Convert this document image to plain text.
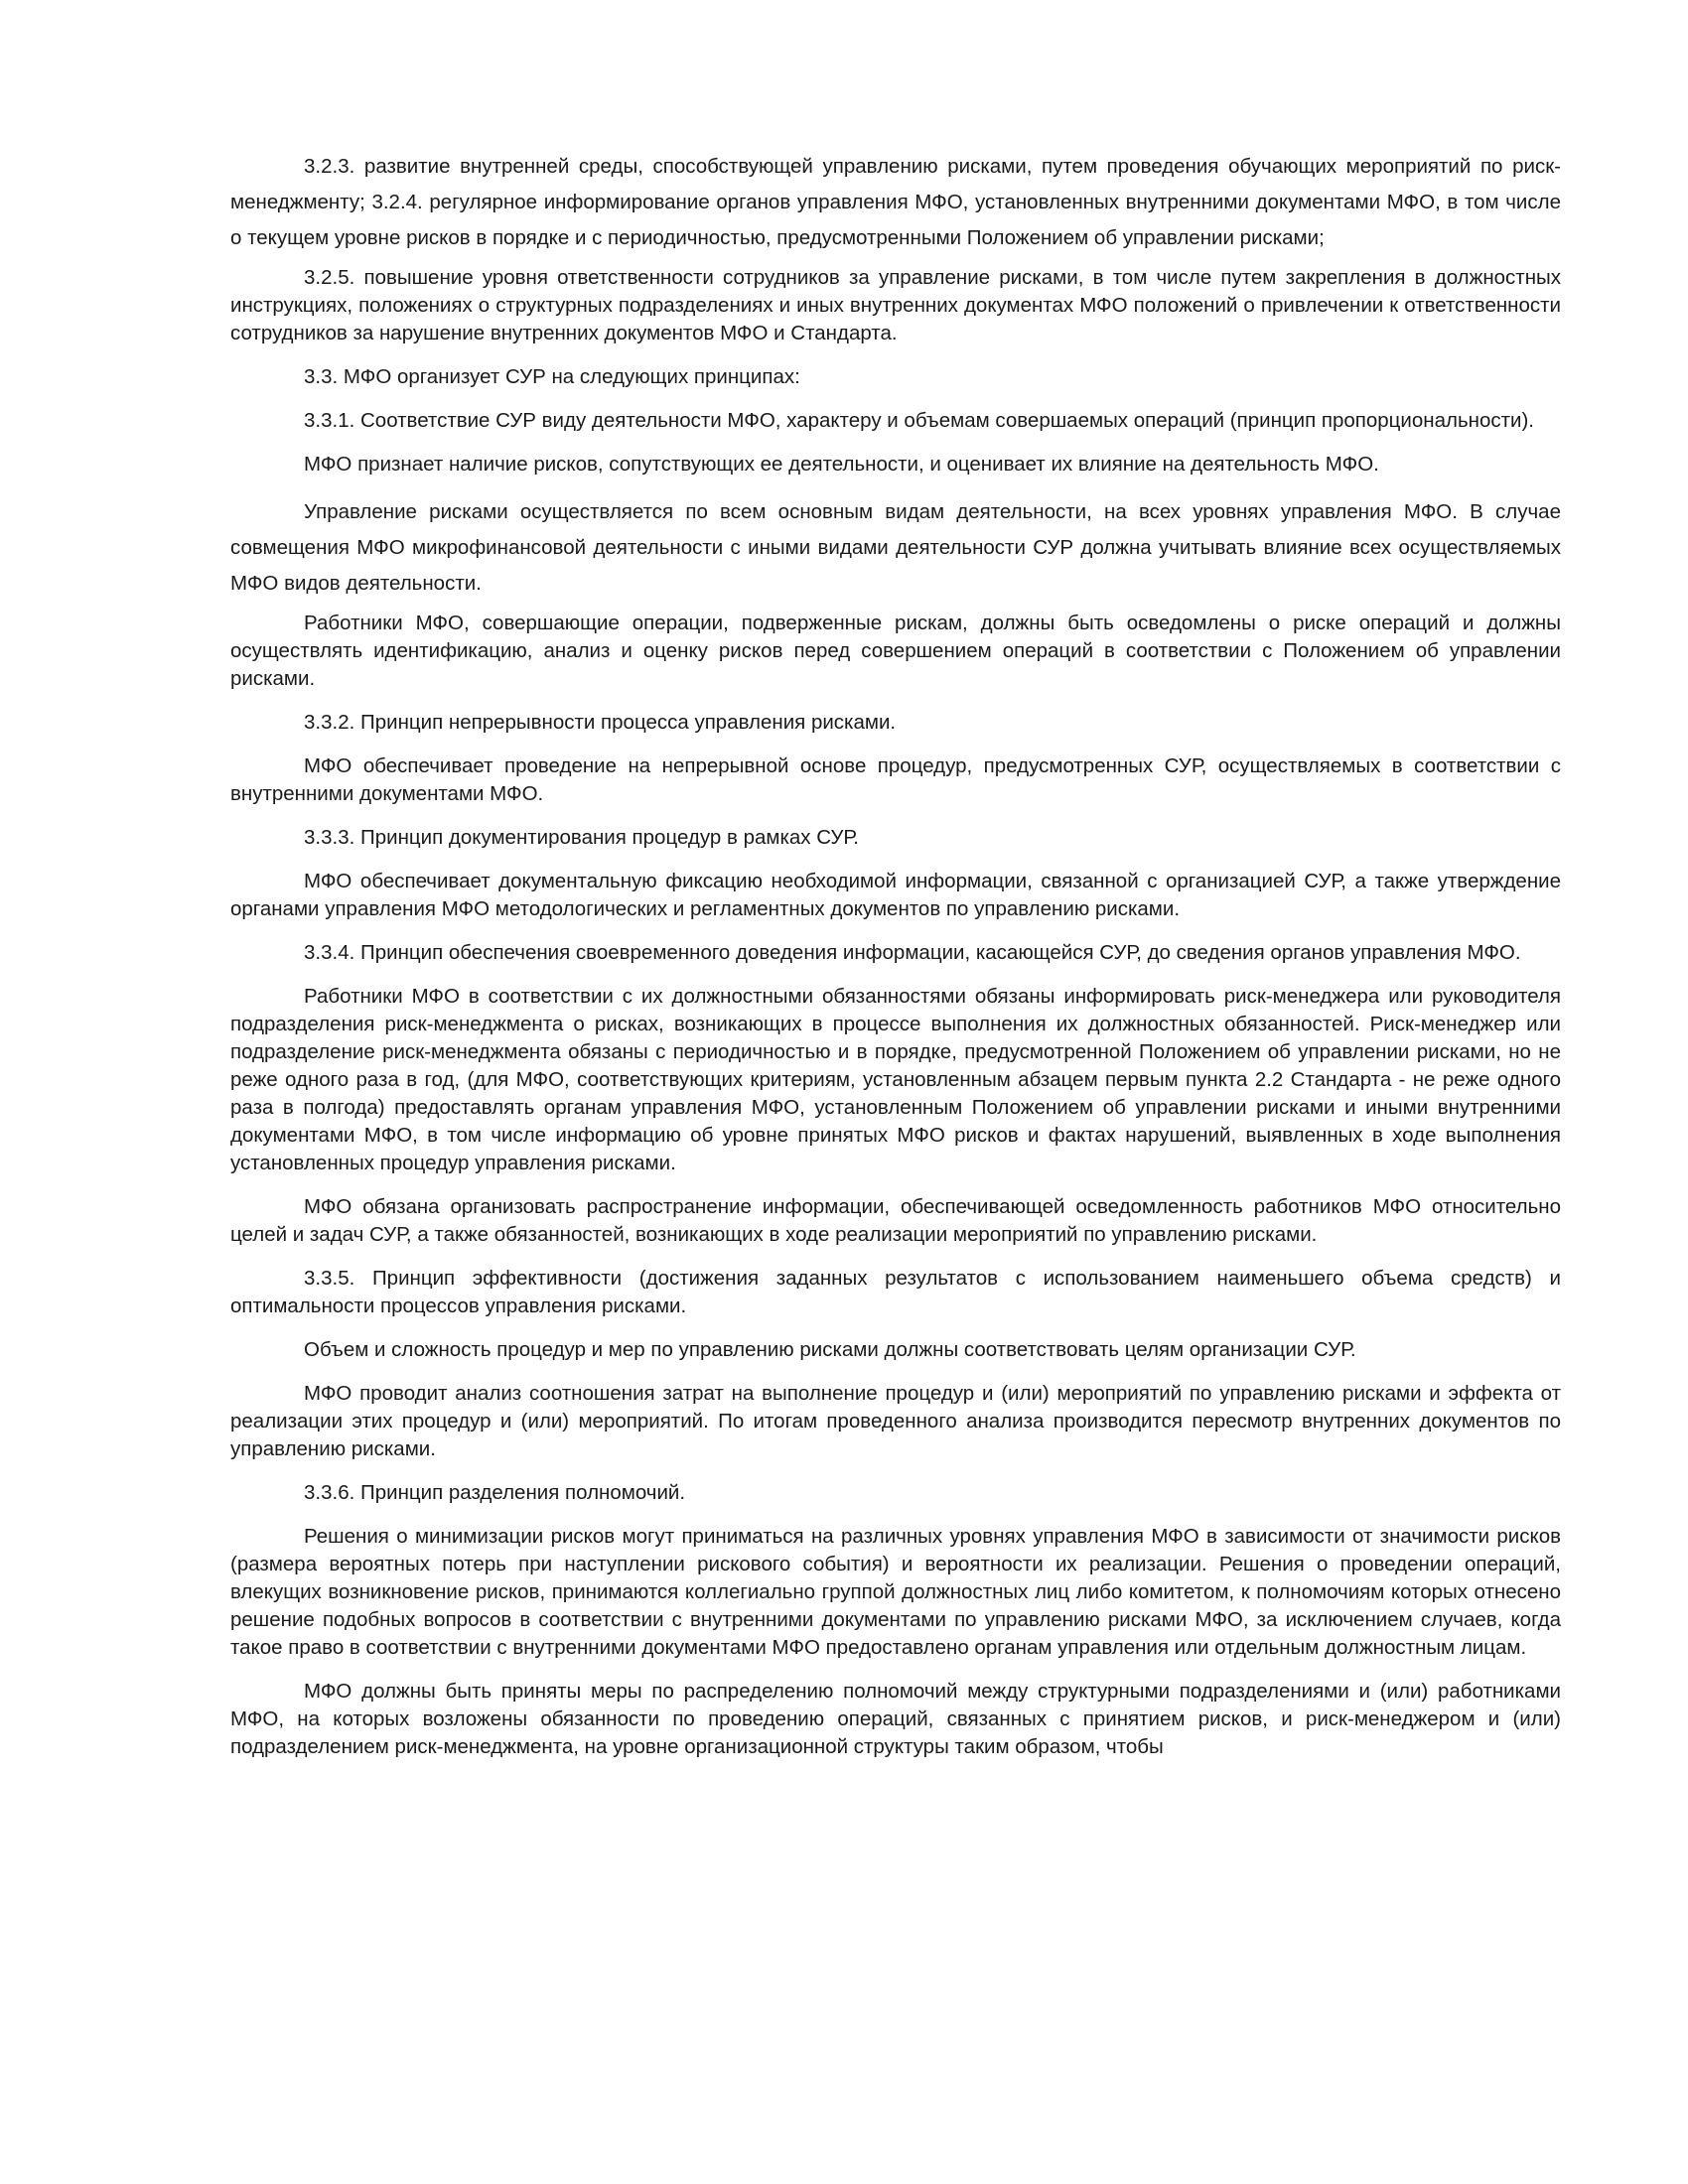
3.2.3. развитие внутренней среды, способствующей управлению рисками, путем проведения обучающих мероприятий по риск-менеджменту; 3.2.4. регулярное информирование органов управления МФО, установленных внутренними документами МФО, в том числе о текущем уровне рисков в порядке и с периодичностью, предусмотренными Положением об управлении рисками;

3.2.5. повышение уровня ответственности сотрудников за управление рисками, в том числе путем закрепления в должностных инструкциях, положениях о структурных подразделениях и иных внутренних документах МФО положений о привлечении к ответственности сотрудников за нарушение внутренних документов МФО и Стандарта.

3.3. МФО организует СУР на следующих принципах:

3.3.1. Соответствие СУР виду деятельности МФО, характеру и объемам совершаемых операций (принцип пропорциональности).

МФО признает наличие рисков, сопутствующих ее деятельности, и оценивает их влияние на деятельность МФО.

Управление рисками осуществляется по всем основным видам деятельности, на всех уровнях управления МФО. В случае совмещения МФО микрофинансовой деятельности с иными видами деятельности СУР должна учитывать влияние всех осуществляемых МФО видов деятельности.

Работники МФО, совершающие операции, подверженные рискам, должны быть осведомлены о риске операций и должны осуществлять идентификацию, анализ и оценку рисков перед совершением операций в соответствии с Положением об управлении рисками.

3.3.2. Принцип непрерывности процесса управления рисками.

МФО обеспечивает проведение на непрерывной основе процедур, предусмотренных СУР, осуществляемых в соответствии с внутренними документами МФО.

3.3.3. Принцип документирования процедур в рамках СУР.

МФО обеспечивает документальную фиксацию необходимой информации, связанной с организацией СУР, а также утверждение органами управления МФО методологических и регламентных документов по управлению рисками.

3.3.4. Принцип обеспечения своевременного доведения информации, касающейся СУР, до сведения органов управления МФО.

Работники МФО в соответствии с их должностными обязанностями обязаны информировать риск-менеджера или руководителя подразделения риск-менеджмента о рисках, возникающих в процессе выполнения их должностных обязанностей. Риск-менеджер или подразделение риск-менеджмента обязаны с периодичностью и в порядке, предусмотренной Положением об управлении рисками, но не реже одного раза в год, (для МФО, соответствующих критериям, установленным абзацем первым пункта 2.2 Стандарта - не реже одного раза в полгода) предоставлять органам управления МФО, установленным Положением об управлении рисками и иными внутренними документами МФО, в том числе информацию об уровне принятых МФО рисков и фактах нарушений, выявленных в ходе выполнения установленных процедур управления рисками.

МФО обязана организовать распространение информации, обеспечивающей осведомленность работников МФО относительно целей и задач СУР, а также обязанностей, возникающих в ходе реализации мероприятий по управлению рисками.

3.3.5. Принцип эффективности (достижения заданных результатов с использованием наименьшего объема средств) и оптимальности процессов управления рисками.

Объем и сложность процедур и мер по управлению рисками должны соответствовать целям организации СУР.

МФО проводит анализ соотношения затрат на выполнение процедур и (или) мероприятий по управлению рисками и эффекта от реализации этих процедур и (или) мероприятий. По итогам проведенного анализа производится пересмотр внутренних документов по управлению рисками.

3.3.6. Принцип разделения полномочий.

Решения о минимизации рисков могут приниматься на различных уровнях управления МФО в зависимости от значимости рисков (размера вероятных потерь при наступлении рискового события) и вероятности их реализации. Решения о проведении операций, влекущих возникновение рисков, принимаются коллегиально группой должностных лиц либо комитетом, к полномочиям которых отнесено решение подобных вопросов в соответствии с внутренними документами по управлению рисками МФО, за исключением случаев, когда такое право в соответствии с внутренними документами МФО предоставлено органам управления или отдельным должностным лицам.

МФО должны быть приняты меры по распределению полномочий между структурными подразделениями и (или) работниками МФО, на которых возложены обязанности по проведению операций, связанных с принятием рисков, и риск-менеджером и (или) подразделением риск-менеджмента, на уровне организационной структуры таким образом, чтобы
